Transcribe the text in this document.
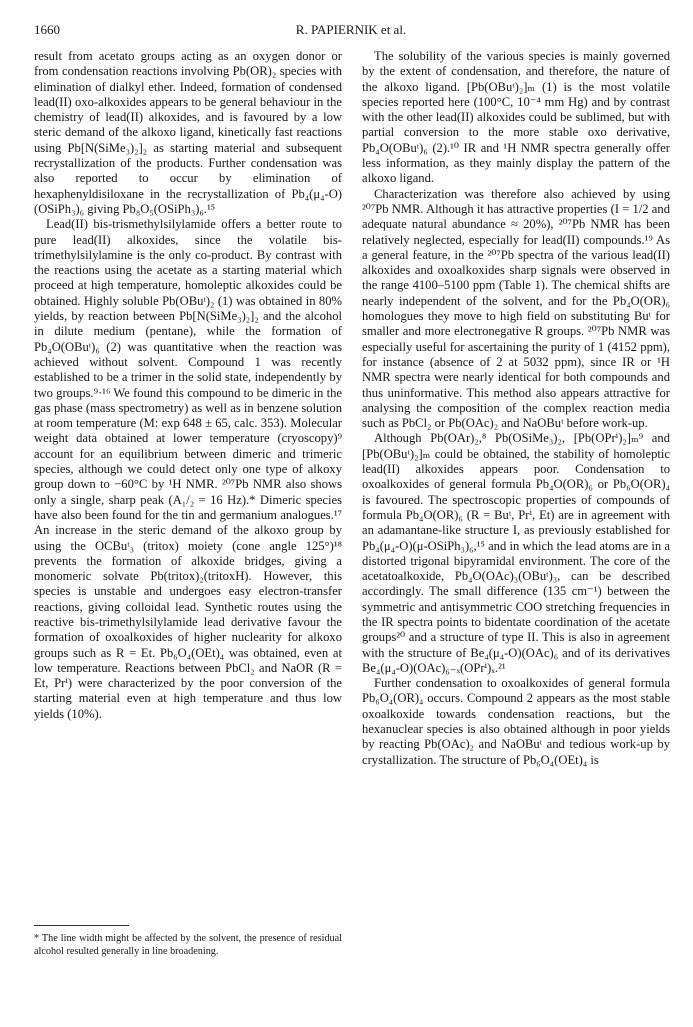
1660	R. PAPIERNIK et al.

result from acetato groups acting as an oxygen donor or from condensation reactions involving Pb(OR)₂ species with elimination of dialkyl ether. Indeed, formation of condensed lead(II) oxo-alkoxides appears to be general behaviour in the chemistry of lead(II) alkoxides, and is favoured by a low steric demand of the alkoxo ligand, kinetically fast reactions using Pb[N(SiMe₃)₂]₂ as starting material and subsequent recrystallization of the products. Further condensation was also reported to occur by elimination of hexaphenyldisiloxane in the recrystallization of Pb₄(μ₄-O)(OSiPh₃)₆ giving Pb₈O₅(OSiPh₃)₆.¹⁵

Lead(II) bis-trismethylsilylamide offers a better route to pure lead(II) alkoxides, since the volatile bis-trimethylsilylamine is the only co-product. By contrast with the reactions using the acetate as a starting material which proceed at high temperature, homoleptic alkoxides could be obtained. Highly soluble Pb(OBuᵗ)₂ (1) was obtained in 80% yields, by reaction between Pb[N(SiMe₃)₂]₂ and the alcohol in dilute medium (pentane), while the formation of Pb₄O(OBuᵗ)₆ (2) was quantitative when the reaction was achieved without solvent. Compound 1 was recently established to be a trimer in the solid state, independently by two groups.⁹·¹⁶ We found this compound to be dimeric in the gas phase (mass spectrometry) as well as in benzene solution at room temperature (M: exp 648 ± 65, calc. 353). Molecular weight data obtained at lower temperature (cryoscopy)⁹ account for an equilibrium between dimeric and trimeric species, although we could detect only one type of alkoxy group down to −60°C by ¹H NMR. ²⁰⁷Pb NMR also shows only a single, sharp peak (A₁/₂ = 16 Hz).* Dimeric species have also been found for the tin and germanium analogues.¹⁷ An increase in the steric demand of the alkoxo group by using the OCBuᵗ₃ (tritox) moiety (cone angle 125°)¹⁸ prevents the formation of alkoxide bridges, giving a monomeric solvate Pb(tritox)₂(tritoxH). However, this species is unstable and undergoes easy electron-transfer reactions, giving colloidal lead. Synthetic routes using the reactive bis-trimethylsilylamide lead derivative favour the formation of oxoalkoxides of higher nuclearity for alkoxo groups such as R = Et. Pb₆O₄(OEt)₄ was obtained, even at low temperature. Reactions between PbCl₂ and NaOR (R = Et, Prⁱ) were characterized by the poor conversion of the starting material even at high temperature and thus low yields (10%).

The solubility of the various species is mainly governed by the extent of condensation, and therefore, the nature of the alkoxo ligand. [Pb(OBuᵗ)₂]ₘ (1) is the most volatile species reported here (100°C, 10⁻⁴ mm Hg) and by contrast with the other lead(II) alkoxides could be sublimed, but with partial conversion to the more stable oxo derivative, Pb₄O(OBuᵗ)₆ (2).¹⁰ IR and ¹H NMR spectra generally offer less information, as they mainly display the pattern of the alkoxo ligand.

Characterization was therefore also achieved by using ²⁰⁷Pb NMR. Although it has attractive properties (I = 1/2 and adequate natural abundance ≈ 20%), ²⁰⁷Pb NMR has been relatively neglected, especially for lead(II) compounds.¹⁹ As a general feature, in the ²⁰⁷Pb spectra of the various lead(II) alkoxides and oxoalkoxides sharp signals were observed in the range 4100–5100 ppm (Table 1). The chemical shifts are nearly independent of the solvent, and for the Pb₄O(OR)₆ homologues they move to high field on substituting Buᵗ for smaller and more electronegative R groups. ²⁰⁷Pb NMR was especially useful for ascertaining the purity of 1 (4152 ppm), for instance (absence of 2 at 5032 ppm), since IR or ¹H NMR spectra were nearly identical for both compounds and thus uninformative. This method also appears attractive for analysing the composition of the complex reaction media such as PbCl₂ or Pb(OAc)₂ and NaOBuᵗ before work-up.

Although Pb(OAr)₂,⁸ Pb(OSiMe₃)₂, [Pb(OPrⁱ)₂]ₘ⁹ and [Pb(OBuᵗ)₂]ₘ could be obtained, the stability of homoleptic lead(II) alkoxides appears poor. Condensation to oxoalkoxides of general formula Pb₄O(OR)₆ or Pb₆O(OR)₄ is favoured. The spectroscopic properties of compounds of formula Pb₄O(OR)₆ (R = Buᵗ, Prⁱ, Et) are in agreement with an adamantane-like structure I, as previously established for Pb₄(μ₄-O)(μ-OSiPh₃)₆,¹⁵ and in which the lead atoms are in a distorted trigonal bipyramidal environment. The core of the acetatoalkoxide, Pb₄O(OAc)₃(OBuᵗ)₃, can be described accordingly. The small difference (135 cm⁻¹) between the symmetric and antisymmetric COO stretching frequencies in the IR spectra points to bidentate coordination of the acetate groups²⁰ and a structure of type II. This is also in agreement with the structure of Be₄(μ₄-O)(OAc)₆ and of its derivatives Be₄(μ₄-O)(OAc)₆₋ₓ(OPrⁱ)ₓ.²¹

Further condensation to oxoalkoxides of general formula Pb₆O₄(OR)₄ occurs. Compound 2 appears as the most stable oxoalkoxide towards condensation reactions, but the hexanuclear species is also obtained although in poor yields by reacting Pb(OAc)₂ and NaOBuᵗ and tedious work-up by crystallization. The structure of Pb₆O₄(OEt)₄ is

* The line width might be affected by the solvent, the presence of residual alcohol resulted generally in line broadening.
